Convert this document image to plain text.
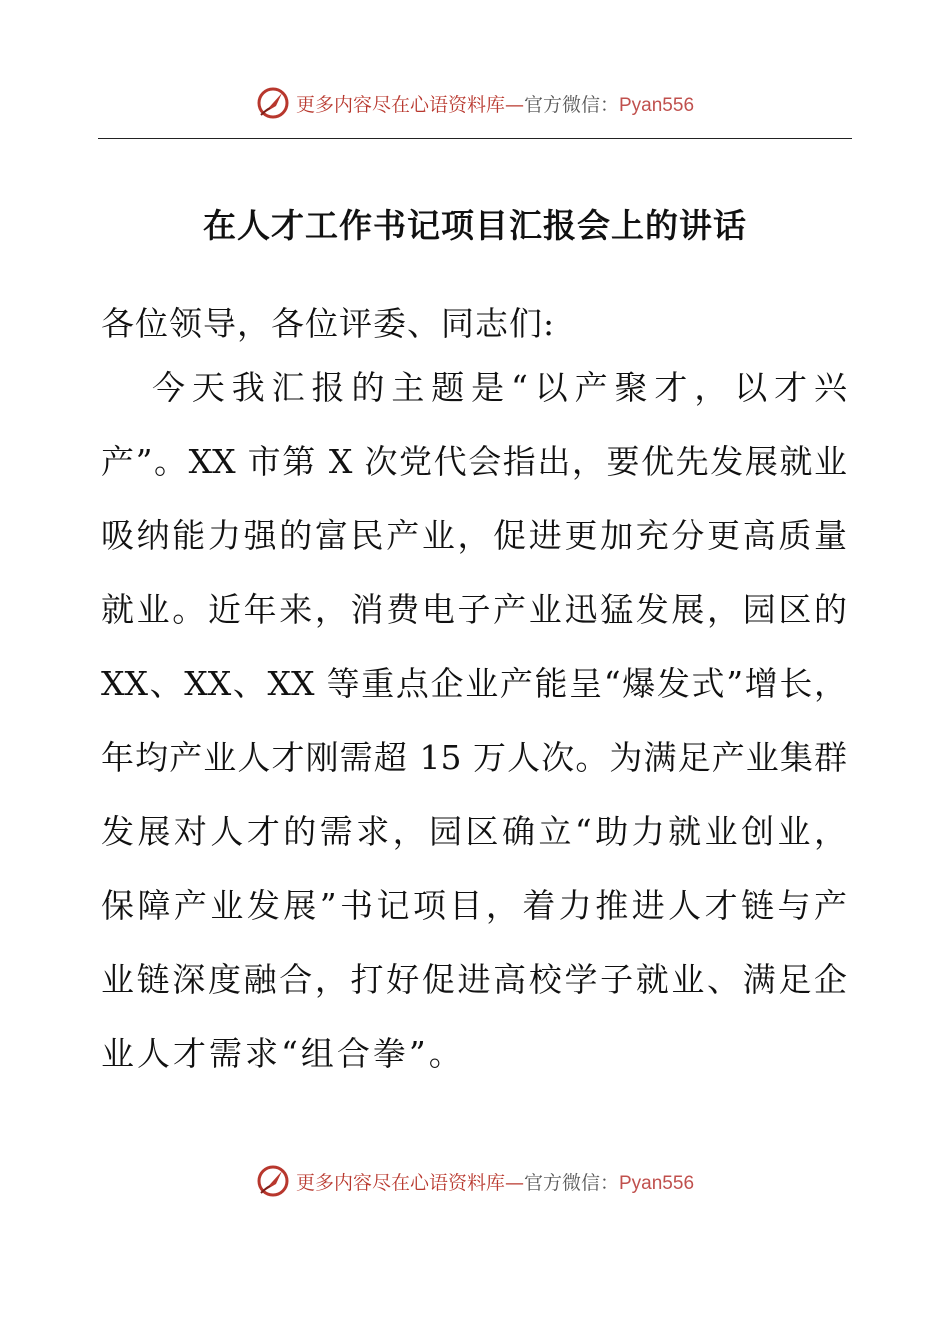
更多内容尽在心语资料库—官方微信：Pyan556
在人才工作书记项目汇报会上的讲话
各位领导，各位评委、同志们:
今天我汇报的主题是“以产聚才，以才兴
产”。XX 市第 X 次党代会指出，要优先发展就业
吸纳能力强的富民产业，促进更加充分更高质量
就业。近年来，消费电子产业迅猛发展，园区的
XX、XX、XX 等重点企业产能呈“爆发式”增长，
年均产业人才刚需超 15 万人次。为满足产业集群
发展对人才的需求，园区确立“助力就业创业，
保障产业发展”书记项目，着力推进人才链与产
业链深度融合，打好促进高校学子就业、满足企
业人才需求“组合拳”。
更多内容尽在心语资料库—官方微信：Pyan556
